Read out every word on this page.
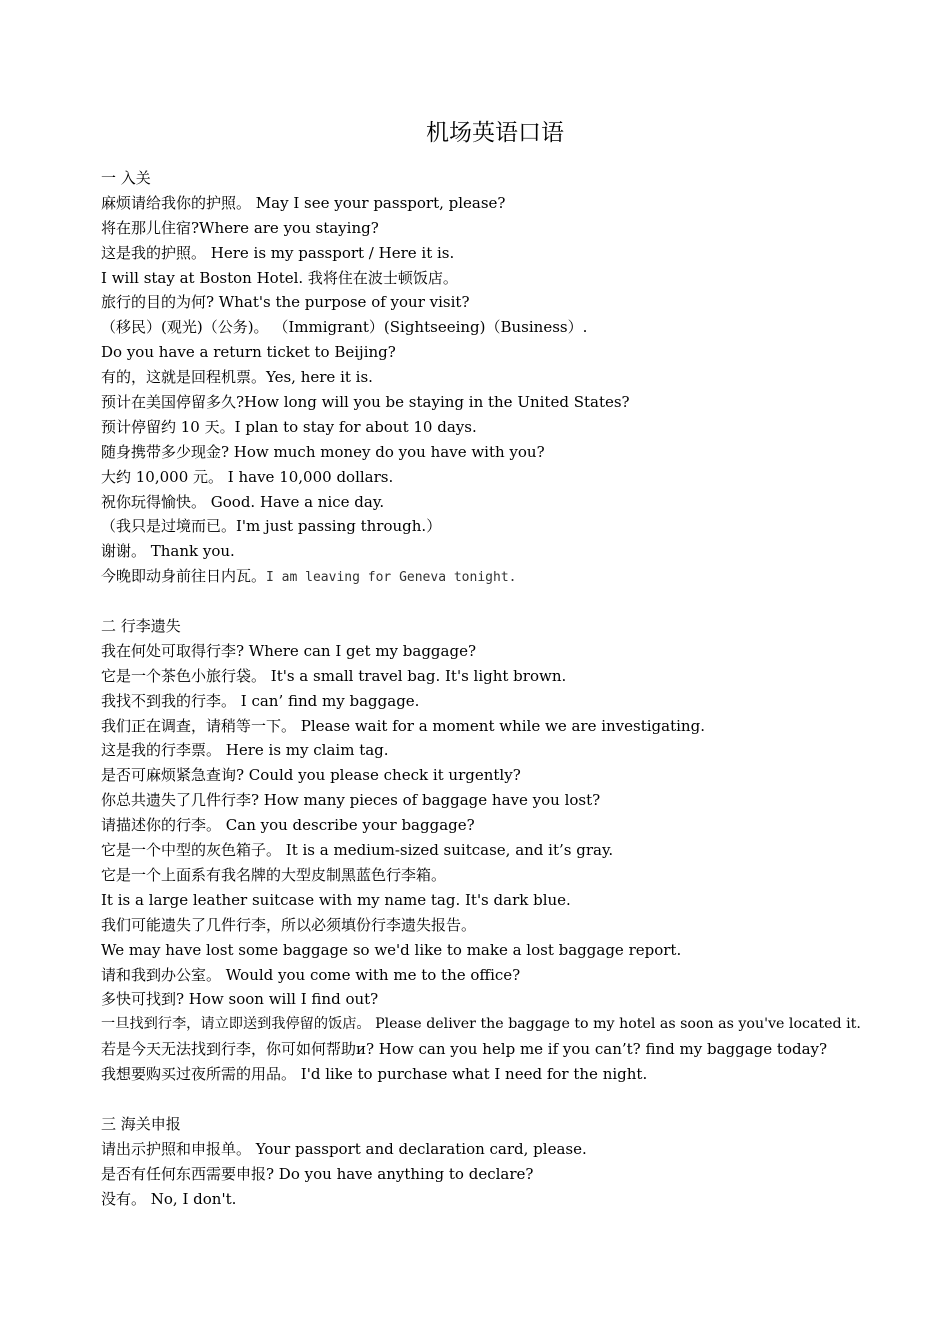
机场英语口语
一 入关
麻烦请给我你的护照。 May I see your passport, please?
将在那儿住宿?Where are you staying?
这是我的护照。 Here is my passport / Here it is.
I will stay at Boston Hotel. 我将住在波士顿饭店。
旅行的目的为何? What's the purpose of your visit?
（移民）(观光)（公务)。 （Immigrant）(Sightseeing)（Business）.
Do you have a return ticket to Beijing?
有的，这就是回程机票。Yes, here it is.
预计在美国停留多久?How long will you be staying in the United States?
预计停留约 10 天。I plan to stay for about 10 days.
随身携带多少现金? How much money do you have with you?
大约 10,000 元。 I have 10,000 dollars.
祝你玩得愉快。 Good. Have a nice day.
（我只是过境而已。I'm just passing through.）
谢谢。 Thank you.
今晚即动身前往日内瓦。I am leaving for Geneva tonight.
二 行李遗失
我在何处可取得行李? Where can I get my baggage?
它是一个茶色小旅行袋。 It's a small travel bag. It's light brown.
我找不到我的行李。 I can’ find my baggage.
我们正在调查，请稍等一下。 Please wait for a moment while we are investigating.
这是我的行李票。 Here is my claim tag.
是否可麻烦紧急查询? Could you please check it urgently?
你总共遗失了几件行李? How many pieces of baggage have you lost?
请描述你的行李。 Can you describe your baggage?
它是一个中型的灰色箱子。 It is a medium-sized suitcase, and it’s gray.
它是一个上面系有我名牌的大型皮制黑蓝色行李箱。
It is a large leather suitcase with my name tag. It's dark blue.
我们可能遗失了几件行李，所以必须填份行李遗失报告。
We may have lost some baggage so we'd like to make a lost baggage report.
请和我到办公室。 Would you come with me to the office?
多快可找到? How soon will I find out?
一旦找到行李，请立即送到我停留的饭店。 Please deliver the baggage to my hotel as soon as you've located it.
若是今天无法找到行李，你可如何帮助и? How can you help me if you can’t? find my baggage today?
我想要购买过夜所需的用品。 I'd like to purchase what I need for the night.
三 海关申报
请出示护照和申报单。 Your passport and declaration card, please.
是否有任何东西需要申报? Do you have anything to declare?
没有。 No, I don't.
